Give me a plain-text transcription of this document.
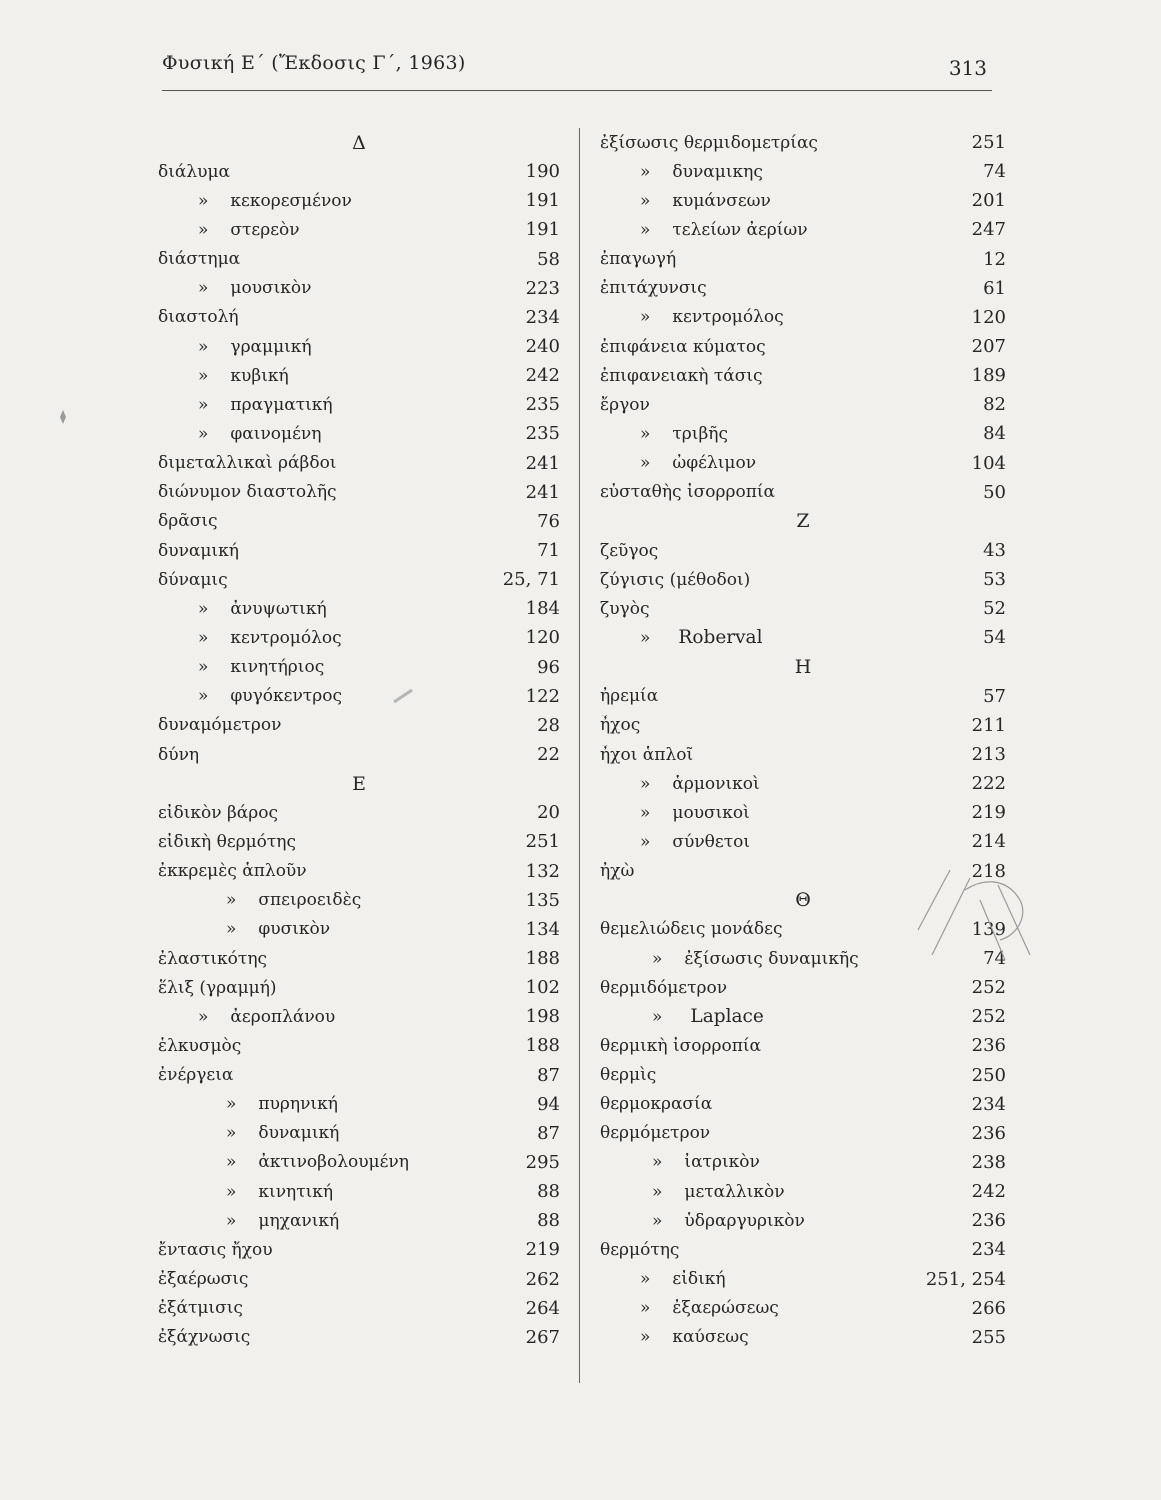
Φυσική Ε΄ (Ἔκδοσις Γ΄, 1963)	313
Δ
διάλυμα	190
» κεκορεσμένον	191
» στερεὸν	191
διάστημα	58
» μουσικὸν	223
διαστολή	234
» γραμμική	240
» κυβική	242
» πραγματική	235
» φαινομένη	235
διμεταλλικαὶ ράβδοι	241
διώνυμον διαστολῆς	241
δρᾶσις	76
δυναμική	71
δύναμις	25, 71
» ἀνυψωτική	184
» κεντρομόλος	120
» κινητήριος	96
» φυγόκεντρος	122
δυναμόμετρον	28
δύνη	22
Ε
εἰδικὸν βάρος	20
εἰδικὴ θερμότης	251
ἐκκρεμὲς ἁπλοῦν	132
» σπειροειδὲς	135
» φυσικὸν	134
ἐλαστικότης	188
ἕλιξ (γραμμή)	102
» ἀεροπλάνου	198
ἑλκυσμὸς	188
ἐνέργεια	87
» πυρηνική	94
» δυναμική	87
» ἀκτινοβολουμένη	295
» κινητική	88
» μηχανική	88
ἔντασις ἤχου	219
ἐξαέρωσις	262
ἐξάτμισις	264
ἐξάχνωσις	267
ἐξίσωσις θερμιδομετρίας	251
» δυναμικης	74
» κυμάνσεων	201
» τελείων ἀερίων	247
ἐπαγωγή	12
ἐπιτάχυνσις	61
» κεντρομόλος	120
ἐπιφάνεια κύματος	207
ἐπιφανειακὴ τάσις	189
ἔργον	82
» τριβῆς	84
» ὠφέλιμον	104
εὐσταθὴς ἰσορροπία	50
Ζ
ζεῦγος	43
ζύγισις (μέθοδοι)	53
ζυγὸς	52
» Roberval	54
Η
ἠρεμία	57
ἦχος	211
ἦχοι ἁπλοῖ	213
» ἁρμονικοὶ	222
» μουσικοὶ	219
» σύνθετοι	214
ἠχὼ	218
Θ
θεμελιώδεις μονάδες	139
» ἐξίσωσις δυναμικῆς	74
θερμιδόμετρον	252
» Laplace	252
θερμικὴ ἰσορροπία	236
θερμὶς	250
θερμοκρασία	234
θερμόμετρον	236
» ἰατρικὸν	238
» μεταλλικὸν	242
» ὑδραργυρικὸν	236
θερμότης	234
» εἰδική	251, 254
» ἐξαερώσεως	266
» καύσεως	255
